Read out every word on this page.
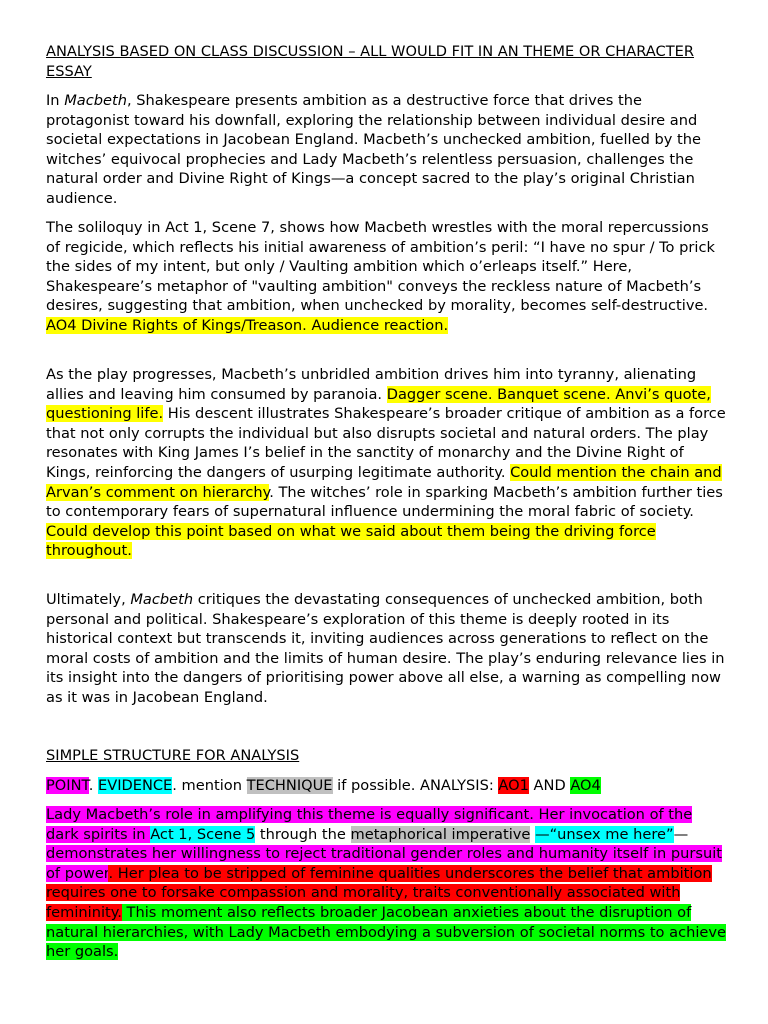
ANALYSIS BASED ON CLASS DISCUSSION – ALL WOULD FIT IN AN THEME OR CHARACTER ESSAY

In Macbeth, Shakespeare presents ambition as a destructive force that drives the protagonist toward his downfall, exploring the relationship between individual desire and societal expectations in Jacobean England. Macbeth’s unchecked ambition, fuelled by the witches’ equivocal prophecies and Lady Macbeth’s relentless persuasion, challenges the natural order and Divine Right of Kings—a concept sacred to the play’s original Christian audience.

The soliloquy in Act 1, Scene 7, shows how Macbeth wrestles with the moral repercussions of regicide, which reflects his initial awareness of ambition’s peril: “I have no spur / To prick the sides of my intent, but only / Vaulting ambition which o’erleaps itself.” Here, Shakespeare’s metaphor of "vaulting ambition" conveys the reckless nature of Macbeth’s desires, suggesting that ambition, when unchecked by morality, becomes self-destructive. AO4 Divine Rights of Kings/Treason. Audience reaction.

As the play progresses, Macbeth’s unbridled ambition drives him into tyranny, alienating allies and leaving him consumed by paranoia. Dagger scene. Banquet scene. Anvi’s quote, questioning life. His descent illustrates Shakespeare’s broader critique of ambition as a force that not only corrupts the individual but also disrupts societal and natural orders. The play resonates with King James I’s belief in the sanctity of monarchy and the Divine Right of Kings, reinforcing the dangers of usurping legitimate authority. Could mention the chain and Arvan’s comment on hierarchy. The witches’ role in sparking Macbeth’s ambition further ties to contemporary fears of supernatural influence undermining the moral fabric of society. Could develop this point based on what we said about them being the driving force throughout.

Ultimately, Macbeth critiques the devastating consequences of unchecked ambition, both personal and political. Shakespeare’s exploration of this theme is deeply rooted in its historical context but transcends it, inviting audiences across generations to reflect on the moral costs of ambition and the limits of human desire. The play’s enduring relevance lies in its insight into the dangers of prioritising power above all else, a warning as compelling now as it was in Jacobean England.

SIMPLE STRUCTURE FOR ANALYSIS

POINT. EVIDENCE. mention TECHNIQUE if possible. ANALYSIS: AO1 AND AO4

Lady Macbeth’s role in amplifying this theme is equally significant. Her invocation of the dark spirits in Act 1, Scene 5 through the metaphorical imperative —“unsex me here”— demonstrates her willingness to reject traditional gender roles and humanity itself in pursuit of power. Her plea to be stripped of feminine qualities underscores the belief that ambition requires one to forsake compassion and morality, traits conventionally associated with femininity. This moment also reflects broader Jacobean anxieties about the disruption of natural hierarchies, with Lady Macbeth embodying a subversion of societal norms to achieve her goals.
